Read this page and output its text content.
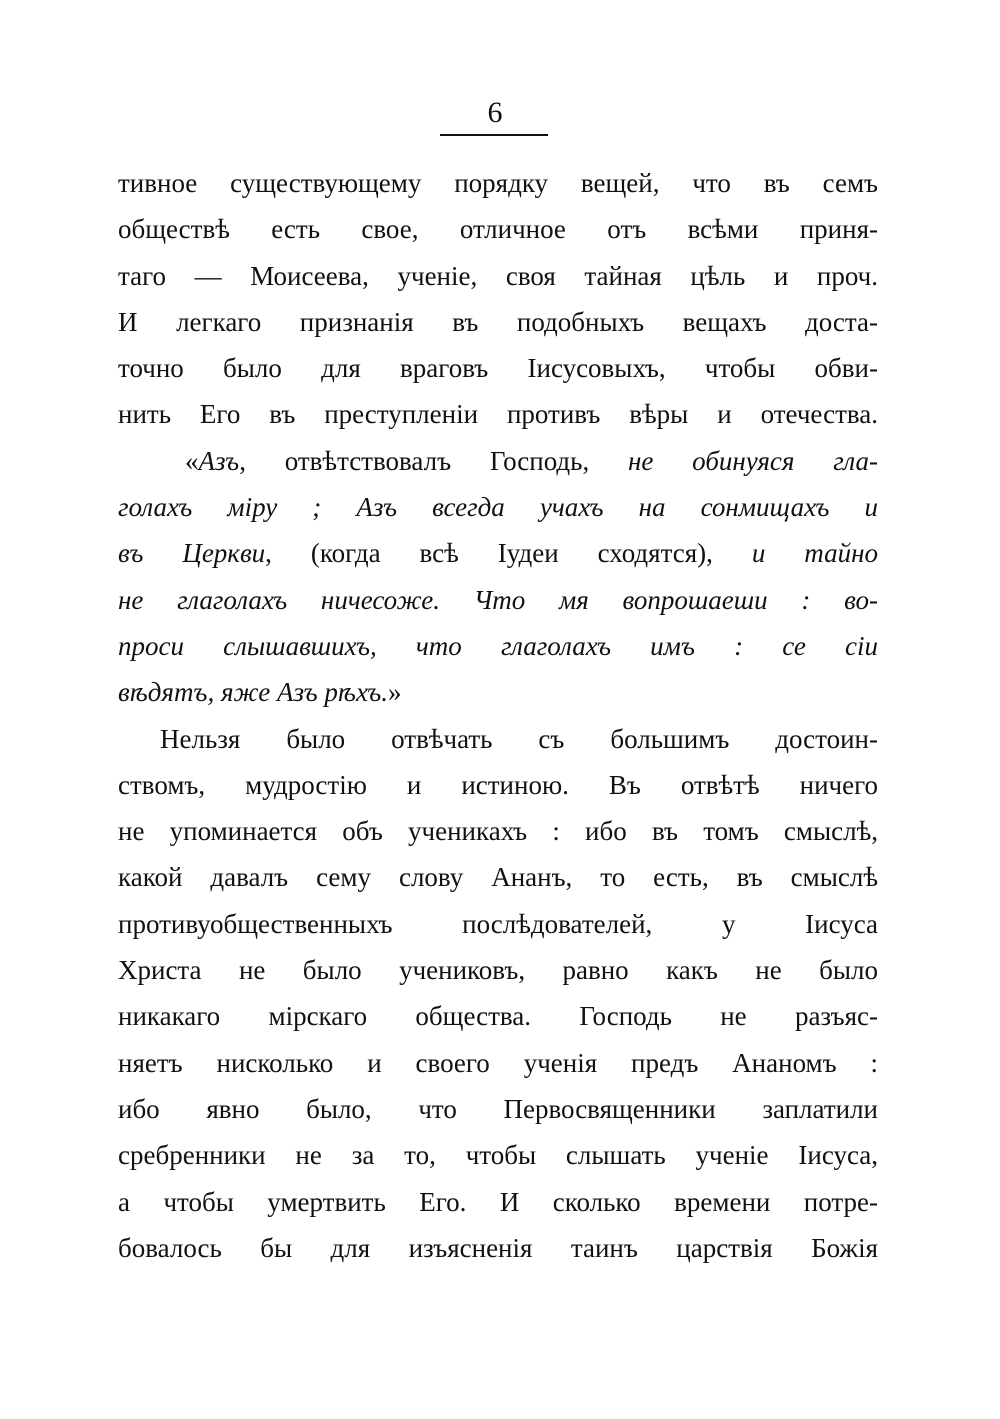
6
тивное существующему порядку вещей, что въ семъ
обществѣ есть свое, отличное отъ всѣми приня-
таго — Моисеева, ученіе, своя тайная цѣль и проч.
И легкаго признанія въ подобныхъ вещахъ доста-
точно было для враговъ Іисусовыхъ, чтобы обви-
нить Его въ преступленіи противъ вѣры и отечества.
«Азъ, отвѣтствовалъ Господь, не обинуяся гла-
голахъ міру ; Азъ всегда учахъ на сонмищахъ и
въ Церкви, (когда всѣ Іудеи сходятся), и тайно
не глаголахъ ничесоже. Что мя вопрошаеши : во-
проси слышавшихъ, что глаголахъ имъ : се сіи
вѣдятъ, яже Азъ рѣхъ.»
Нельзя было отвѣчать съ большимъ достоин-
ствомъ, мудростію и истиною. Въ отвѣтѣ ничего
не упоминается объ ученикахъ : ибо въ томъ смыслѣ,
какой давалъ сему слову Ананъ, то есть, въ смыслѣ
противуобщественныхъ послѣдователей, у Іисуса
Христа не было учениковъ, равно какъ не было
никакаго мірскаго общества. Господь не разъяс-
няетъ нисколько и своего ученія предъ Ананомъ :
ибо явно было, что Первосвященники заплатили
сребренники не за то, чтобы слышать ученіе Іисуса,
а чтобы умертвить Его. И сколько времени потре-
бовалось бы для изъясненія таинъ царствія Божія
